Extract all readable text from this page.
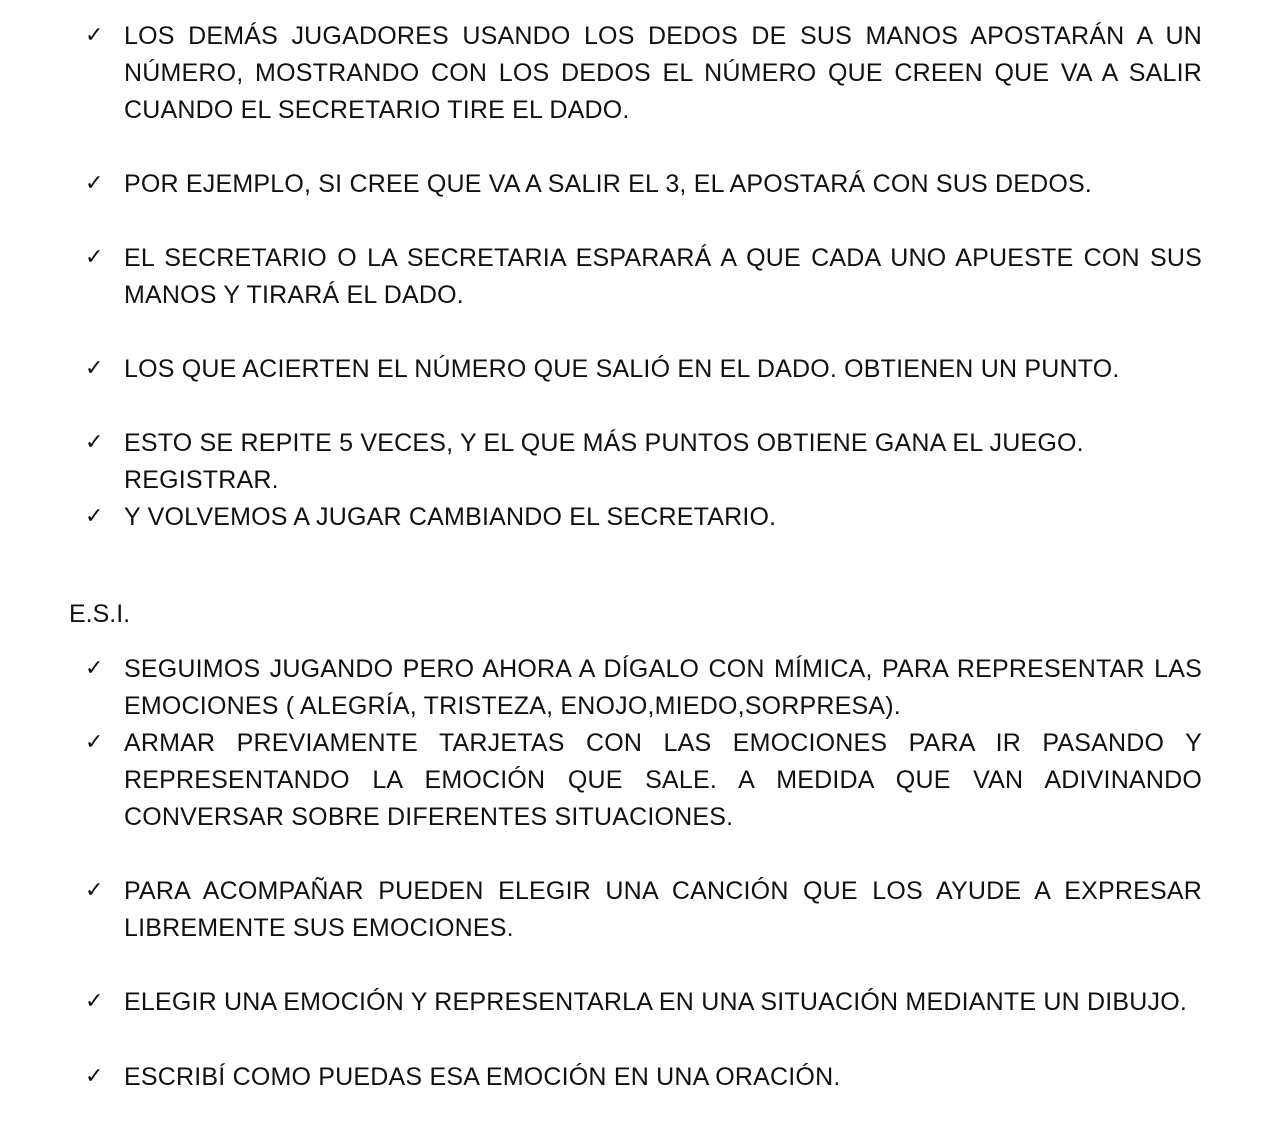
✓ LOS DEMÁS JUGADORES USANDO LOS DEDOS DE SUS MANOS APOSTARÁN A UN NÚMERO, MOSTRANDO CON LOS DEDOS EL NÚMERO QUE CREEN QUE VA A SALIR CUANDO EL SECRETARIO TIRE EL DADO.
✓ POR EJEMPLO, SI CREE QUE VA A SALIR EL 3, EL APOSTARÁ CON SUS DEDOS.
✓ EL SECRETARIO O LA SECRETARIA ESPARARÁ A QUE CADA UNO APUESTE CON SUS MANOS Y TIRARÁ EL DADO.
✓ LOS QUE ACIERTEN EL NÚMERO QUE SALIÓ EN EL DADO. OBTIENEN UN PUNTO.
✓ ESTO SE REPITE 5 VECES, Y EL QUE MÁS PUNTOS OBTIENE GANA EL JUEGO. REGISTRAR.
✓ Y VOLVEMOS A JUGAR CAMBIANDO EL SECRETARIO.
E.S.I.
✓ SEGUIMOS JUGANDO PERO AHORA A DÍGALO CON MÍMICA, PARA REPRESENTAR LAS EMOCIONES ( ALEGRÍA, TRISTEZA, ENOJO,MIEDO,SORPRESA).
✓ ARMAR PREVIAMENTE TARJETAS CON LAS EMOCIONES PARA IR PASANDO Y REPRESENTANDO LA EMOCIÓN QUE SALE. A MEDIDA QUE VAN ADIVINANDO CONVERSAR SOBRE DIFERENTES SITUACIONES.
✓ PARA ACOMPAÑAR PUEDEN ELEGIR UNA CANCIÓN QUE LOS AYUDE A EXPRESAR LIBREMENTE SUS EMOCIONES.
✓ ELEGIR UNA EMOCIÓN Y REPRESENTARLA EN UNA SITUACIÓN MEDIANTE UN DIBUJO.
✓ ESCRIBÍ COMO PUEDAS ESA EMOCIÓN EN UNA ORACIÓN.
